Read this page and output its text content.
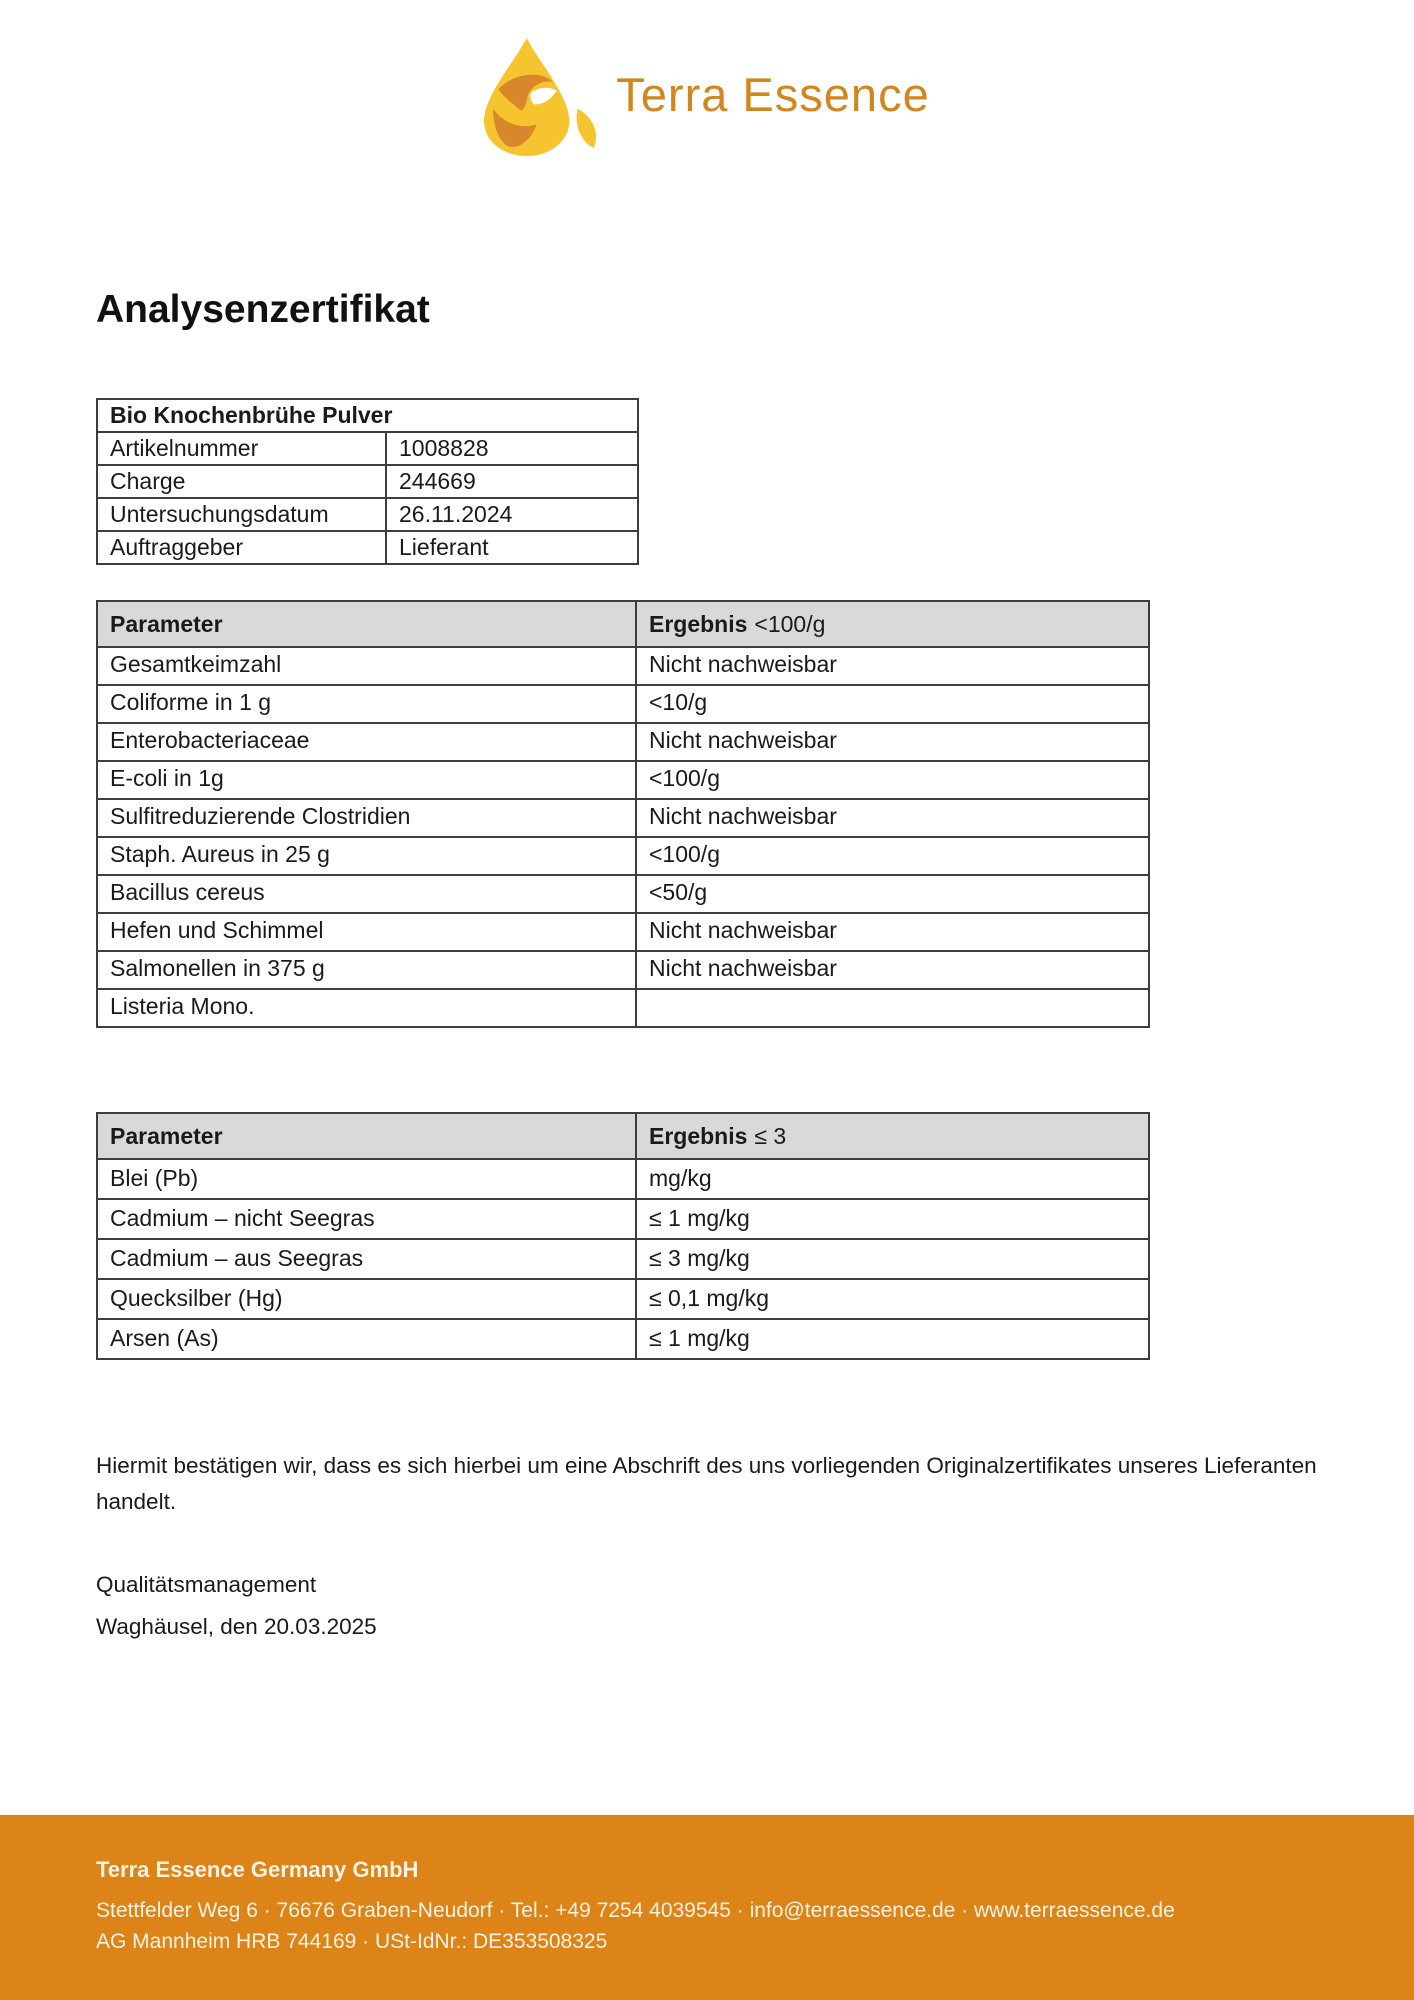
Terra Essence
Analysenzertifikat
Bio Knochenbrühe Pulver	
Artikelnummer	1008828
Charge	244669
Untersuchungsdatum	26.11.2024
Auftraggeber	Lieferant
Parameter	Ergebnis <100/g
Gesamtkeimzahl	Nicht nachweisbar
Coliforme in 1 g	<10/g
Enterobacteriaceae	Nicht nachweisbar
E-coli in 1g	<100/g
Sulfitreduzierende Clostridien	Nicht nachweisbar
Staph. Aureus in 25 g	<100/g
Bacillus cereus	<50/g
Hefen und Schimmel	Nicht nachweisbar
Salmonellen in 375 g	Nicht nachweisbar
Listeria Mono.	
Parameter	Ergebnis ≤ 3
Blei (Pb)	mg/kg
Cadmium – nicht Seegras	≤ 1 mg/kg
Cadmium – aus Seegras	≤ 3 mg/kg
Quecksilber (Hg)	≤ 0,1 mg/kg
Arsen (As)	≤ 1 mg/kg

Hiermit bestätigen wir, dass es sich hierbei um eine Abschrift des uns vorliegenden Originalzertifikates unseres Lieferanten handelt.

Qualitätsmanagement
Waghäusel, den 20.03.2025
Terra Essence Germany GmbH
Stettfelder Weg 6 · 76676 Graben-Neudorf · Tel.: +49 7254 4039545 · info@terraessence.de · www.terraessence.de
AG Mannheim HRB 744169 · USt-IdNr.: DE353508325
